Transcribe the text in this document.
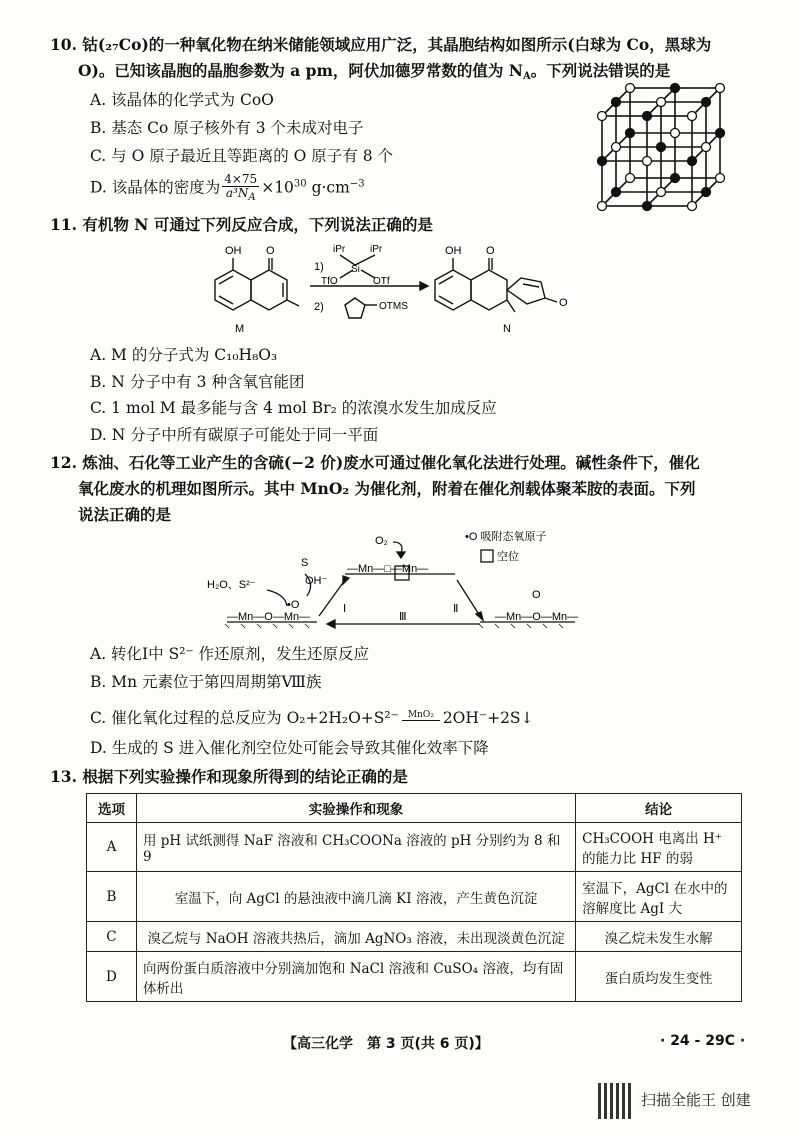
10. 钴(₂₇Co)的一种氧化物在纳米储能领域应用广泛，其晶胞结构如图所示(白球为 Co，黑球为
O)。已知该晶胞的晶胞参数为 a pm，阿伏加德罗常数的值为 $N_A$。下列说法错误的是
A. 该晶体的化学式为 CoO
B. 基态 Co 原子核外有 3 个未成对电子
C. 与 O 原子最近且等距离的 O 原子有 8 个
D. 该晶体的密度为 $\frac{4\times 75}{a^3N_A} \times 10^{30}$ $g\cdot cm^{-3}$
11. 有机物 N 可通过下列反应合成，下列说法正确的是
OH O
M
1)
iPr iPr
Si
TfO	OTf
2)	OTMS
OH O
O
N
A. M 的分子式为 C₁₀H₈O₃
B. N 分子中有 3 种含氧官能团
C. 1 mol M 最多能与含 4 mol Br₂ 的浓溴水发生加成反应
D. N 分子中所有碳原子可能处于同一平面
12. 炼油、石化等工业产生的含硫(−2 价)废水可通过催化氧化法进行处理。碱性条件下，催化
氧化废水的机理如图所示。其中 MnO₂ 为催化剂，附着在催化剂载体聚苯胺的表面。下列
说法正确的是
O₂
S
OH⁻
H₂O、S²⁻
•O	Ⅰ	Ⅱ
Ⅲ
—Mn—O—Mn—
—Mn—□—Mn—
—Mn—O—Mn—
O
•O 吸附态氧原子
空位
A. 转化Ⅰ中 S²⁻ 作还原剂，发生还原反应
B. Mn 元素位于第四周期第Ⅷ族
C. 催化氧化过程的总反应为 O₂+2H₂O+S²⁻	MnO₂ 2OH⁻+2S↓
D. 生成的 S 进入催化剂空位处可能会导致其催化效率下降
13. 根据下列实验操作和现象所得到的结论正确的是
选项	实验操作和现象	结论
A	用 pH 试纸测得 NaF 溶液和 CH₃COONa 溶液的 pH 分别约为 8 和 9	CH₃COOH 电离出 H⁺ 的能力比 HF 的弱
B	室温下，向 AgCl 的悬浊液中滴几滴 KI 溶液，产生黄色沉淀	室温下，AgCl 在水中的溶解度比 AgI 大
C	溴乙烷与 NaOH 溶液共热后，滴加 AgNO₃ 溶液，未出现淡黄色沉淀	溴乙烷未发生水解
D	向两份蛋白质溶液中分别滴加饱和 NaCl 溶液和 CuSO₄ 溶液，均有固体析出	蛋白质均发生变性
【高三化学　第 3 页(共 6 页)】	· 24 - 29C ·
扫描全能王 创建
